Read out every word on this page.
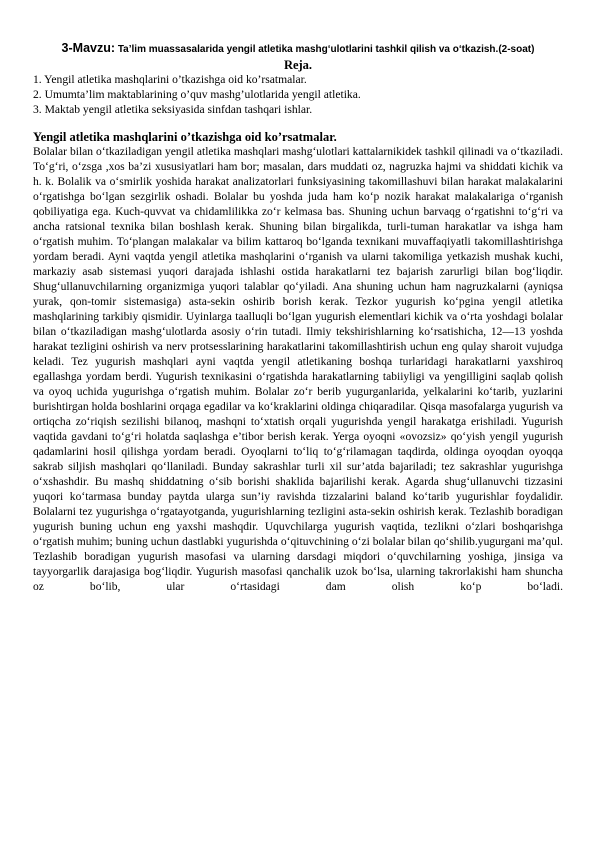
3-Mavzu: Ta’lim muassasalarida yengil atletika mashg‘ulotlarini tashkil qilish va o‘tkazish.(2-soat)
Reja.
1. Yengil atletika mashqlarini o’tkazishga oid ko’rsatmalar.
2. Umumta’lim maktablarining o’quv mashg’ulotlarida yengil atletika.
3. Maktab yengil atletika seksiyasida sinfdan tashqari ishlar.
Yengil atletika mashqlarini o’tkazishga oid ko’rsatmalar.

Bolalar bilan o‘tkaziladigan yengil atletika mashqlari mashg‘ulotlari kattalarnikidek tashkil qilinadi va o‘tkaziladi. To‘g‘ri, o‘zsga ,xos ba’zi xususiyatlari ham bor; masalan, dars muddati oz, nagruzka hajmi va shiddati kichik va h. k. Bolalik va o‘smirlik yoshida harakat analizatorlari funksiyasining takomillashuvi bilan harakat malakalarini o‘rgatishga bo‘lgan sezgirlik oshadi. Bolalar bu yoshda juda ham ko‘p nozik harakat malakalariga o‘rganish qobiliyatiga ega. Kuch-quvvat va chidamlilikka zo‘r kelmasa bas. Shuning uchun barvaqg o‘rgatishni to‘g‘ri va ancha ratsional texnika bilan boshlash kerak. Shuning bilan birgalikda, turli-tuman harakatlar va ishga ham o‘rgatish muhim. To‘plangan malakalar va bilim kattaroq bo‘lganda texnikani muvaffaqiyatli takomillashtirishga yordam beradi. Ayni vaqtda yengil atletika mashqlarini o‘rganish va ularni takomiliga yetkazish mushak kuchi, markaziy asab sistemasi yuqori darajada ishlashi ostida harakatlarni tez bajarish zarurligi bilan bog‘liqdir. Shug‘ullanuvchilarning organizmiga yuqori talablar qo‘yiladi. Ana shuning uchun ham nagruzkalarni (ayniqsa yurak, qon-tomir sistemasiga) asta-sekin oshirib borish kerak. Tezkor yugurish ko‘pgina yengil atletika mashqlarining tarkibiy qismidir. Uyinlarga taalluqli bo‘lgan yugurish elementlari kichik va o‘rta yoshdagi bolalar bilan o‘tkaziladigan mashg‘ulotlarda asosiy o‘rin tutadi. Ilmiy tekshirishlarning ko‘rsatishicha, 12—13 yoshda harakat tezligini oshirish va nerv protsesslarining harakatlarini takomillashtirish uchun eng qulay sharoit vujudga keladi. Tez yugurish mashqlari ayni vaqtda yengil atletikaning boshqa turlaridagi harakatlarni yaxshiroq egallashga yordam berdi. Yugurish texnikasini o‘rgatishda harakatlarning tabiiyligi va yengilligini saqlab qolish va oyoq uchida yugurishga o‘rgatish muhim. Bolalar zo‘r berib yugurganlarida, yelkalarini ko‘tarib, yuzlarini burishtirgan holda boshlarini orqaga egadilar va ko‘kraklarini oldinga chiqaradilar. Qisqa masofalarga yugurish va ortiqcha zo‘riqish sezilishi bilanoq, mashqni to‘xtatish orqali yugurishda yengil harakatga erishiladi. Yugurish vaqtida gavdani to‘g‘ri holatda saqlashga e’tibor berish kerak. Yerga oyoqni «ovozsiz» qo‘yish yengil yugurish qadamlarini hosil qilishga yordam beradi. Oyoqlarni to‘liq to‘g‘rilamagan taqdirda, oldinga oyoqdan oyoqqa sakrab siljish mashqlari qo‘llaniladi. Bunday sakrashlar turli xil sur’atda bajariladi; tez sakrashlar yugurishga o‘xshashdir. Bu mashq shiddatning o‘sib borishi shaklida bajarilishi kerak. Agarda shug‘ullanuvchi tizzasini yuqori ko‘tarmasa bunday paytda ularga sun’iy ravishda tizzalarini baland ko‘tarib yugurishlar foydalidir. Bolalarni tez yugurishga o‘rgatayotganda, yugurishlarning tezligini asta-sekin oshirish kerak. Tezlashib boradigan yugurish buning uchun eng yaxshi mashqdir. Uquvchilarga yugurish vaqtida, tezlikni o‘zlari boshqarishga o‘rgatish muhim; buning uchun dastlabki yugurishda o‘qituvchining o‘zi bolalar bilan qo‘shilib.yugurgani ma’qul. Tezlashib boradigan yugurish masofasi va ularning darsdagi miqdori o‘quvchilarning yoshiga, jinsiga va tayyorgarlik darajasiga bog‘liqdir. Yugurish masofasi qanchalik uzok bo‘lsa, ularning takrorlakishi ham shuncha oz bo‘lib, ular o‘rtasidagi dam olish ko‘p bo‘ladi.
